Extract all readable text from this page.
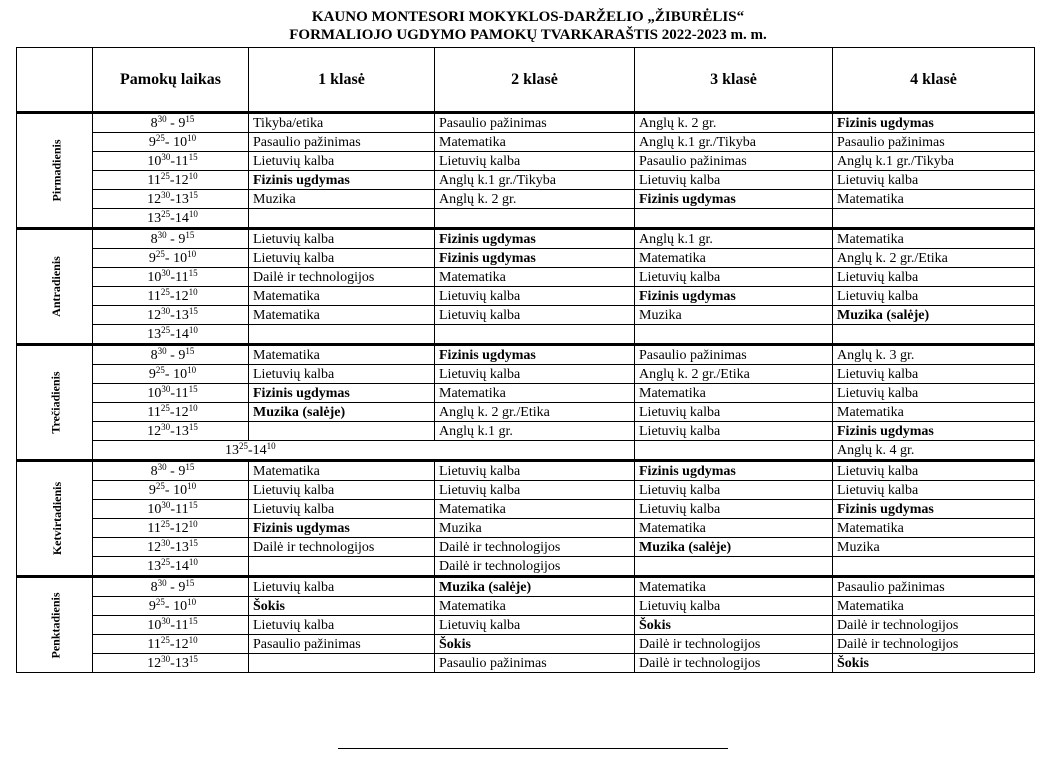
KAUNO MONTESORI MOKYKLOS-DARŽELIO „ŽIBURĖLIS“
FORMALIOJO UGDYMO PAMOKŲ TVARKARAŠTIS 2022-2023 m. m.
	Pamokų laikas	1 klasė	2 klasė	3 klasė	4 klasė
Pirmadienis	$8^{30} - 9^{15}$	Tikyba/etika	Pasaulio pažinimas	Anglų k. 2 gr.	Fizinis ugdymas
	$9^{25}-$ $10^{10}$	Pasaulio pažinimas	Matematika	Anglų k.1 gr./Tikyba	Pasaulio pažinimas
	$10^{30}-11^{15}$	Lietuvių kalba	Lietuvių kalba	Pasaulio pažinimas	Anglų k.1 gr./Tikyba
	$11^{25}-12^{10}$	Fizinis ugdymas	Anglų k.1 gr./Tikyba	Lietuvių kalba	Lietuvių kalba
	$12^{30}-13^{15}$	Muzika	Anglų k. 2 gr.	Fizinis ugdymas	Matematika
	$13^{25}-14^{10}$				
Antradienis	$8^{30} - 9^{15}$	Lietuvių kalba	Fizinis ugdymas	Anglų k.1 gr.	Matematika
	$9^{25}-$ $10^{10}$	Lietuvių kalba	Fizinis ugdymas	Matematika	Anglų k. 2 gr./Etika
	$10^{30}-11^{15}$	Dailė ir technologijos	Matematika	Lietuvių kalba	Lietuvių kalba
	$11^{25}-12^{10}$	Matematika	Lietuvių kalba	Fizinis ugdymas	Lietuvių kalba
	$12^{30}-13^{15}$	Matematika	Lietuvių kalba	Muzika	Muzika (salėje)
	$13^{25}-14^{10}$				
Trečiadienis	$8^{30} - 9^{15}$	Matematika	Fizinis ugdymas	Pasaulio pažinimas	Anglų k. 3 gr.
	$9^{25}-$ $10^{10}$	Lietuvių kalba	Lietuvių kalba	Anglų k. 2 gr./Etika	Lietuvių kalba
	$10^{30}-11^{15}$	Fizinis ugdymas	Matematika	Matematika	Lietuvių kalba
	$11^{25}-12^{10}$	Muzika (salėje)	Anglų k. 2 gr./Etika	Lietuvių kalba	Matematika
	$12^{30}-13^{15}$		Anglų k.1 gr.	Lietuvių kalba	Fizinis ugdymas
	$13^{25}-14^{10}$				Anglų k. 4 gr.
Ketvirtadienis	$8^{30} - 9^{15}$	Matematika	Lietuvių kalba	Fizinis ugdymas	Lietuvių kalba
	$9^{25}-$ $10^{10}$	Lietuvių kalba	Lietuvių kalba	Lietuvių kalba	Lietuvių kalba
	$10^{30}-11^{15}$	Lietuvių kalba	Matematika	Lietuvių kalba	Fizinis ugdymas
	$11^{25}-12^{10}$	Fizinis ugdymas	Muzika	Matematika	Matematika
	$12^{30}-13^{15}$	Dailė ir technologijos	Dailė ir technologijos	Muzika (salėje)	Muzika
	$13^{25}-14^{10}$		Dailė ir technologijos		
Penktadienis	$8^{30} - 9^{15}$	Lietuvių kalba	Muzika (salėje)	Matematika	Pasaulio pažinimas
	$9^{25}-$ $10^{10}$	Šokis	Matematika	Lietuvių kalba	Matematika
	$10^{30}-11^{15}$	Lietuvių kalba	Lietuvių kalba	Šokis	Dailė ir technologijos
	$11^{25}-12^{10}$	Pasaulio pažinimas	Šokis	Dailė ir technologijos	Dailė ir technologijos
	$12^{30}-13^{15}$		Pasaulio pažinimas	Dailė ir technologijos	Šokis
